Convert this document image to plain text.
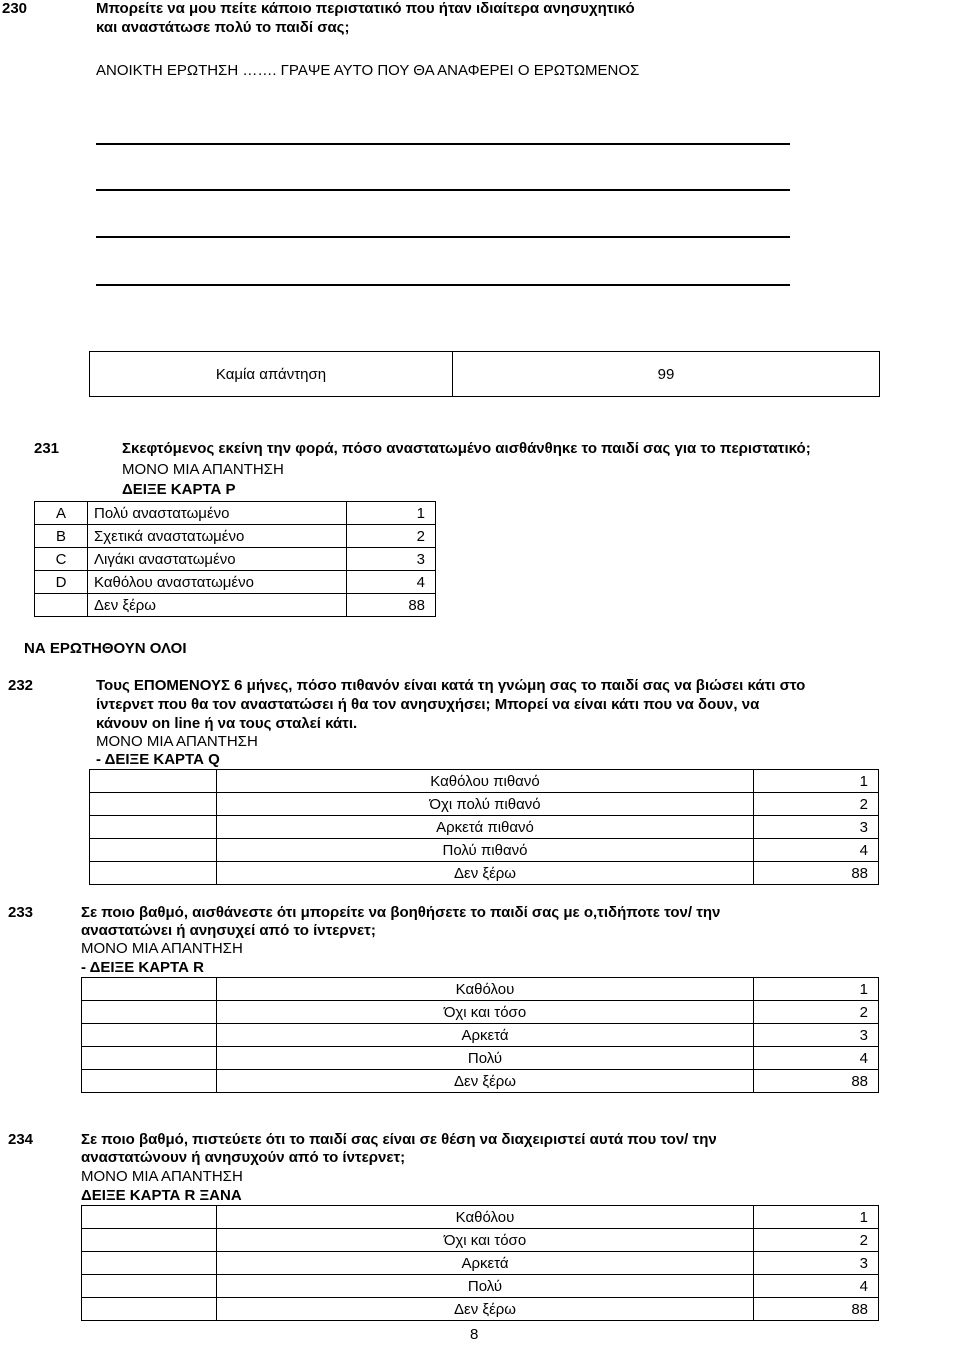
230	Μπορείτε να μου πείτε κάποιο περιστατικό που ήταν ιδιαίτερα ανησυχητικό
και αναστάτωσε πολύ το παιδί σας;
ΑΝΟΙΚΤΗ ΕΡΩΤΗΣΗ ……. ΓΡΑΨΕ ΑΥΤΟ ΠΟΥ ΘΑ ΑΝΑΦΕΡΕΙ Ο ΕΡΩΤΩΜΕΝΟΣ
Καμία απάντηση	99
231	Σκεφτόμενος εκείνη την φορά, πόσο αναστατωμένο αισθάνθηκε το παιδί σας για το περιστατικό;
ΜΟΝΟ ΜΙΑ ΑΠΑΝΤΗΣΗ
ΔΕΙΞΕ ΚΑΡΤΑ P
A	Πολύ αναστατωμένο	1
B	Σχετικά αναστατωμένο	2
C	Λιγάκι αναστατωμένο	3
D	Καθόλου αναστατωμένο	4
	Δεν ξέρω	88
ΝΑ ΕΡΩΤΗΘΟΥΝ ΟΛΟΙ
232	Τους ΕΠΟΜΕΝΟΥΣ 6 μήνες, πόσο πιθανόν είναι κατά τη γνώμη σας το παιδί σας να βιώσει κάτι στο
ίντερνετ που θα τον αναστατώσει ή θα τον ανησυχήσει; Μπορεί να είναι κάτι που να δουν, να
κάνουν on line ή να τους σταλεί κάτι.
ΜΟΝΟ ΜΙΑ ΑΠΑΝΤΗΣΗ
- ΔΕΙΞΕ ΚΑΡΤΑ Q
	Καθόλου πιθανό	1
	Όχι πολύ πιθανό	2
	Αρκετά πιθανό	3
	Πολύ πιθανό	4
	Δεν ξέρω	88
233	Σε ποιο βαθμό, αισθάνεστε ότι μπορείτε να βοηθήσετε το παιδί σας με ο,τιδήποτε τον/ την
αναστατώνει ή ανησυχεί από το ίντερνετ;
ΜΟΝΟ ΜΙΑ ΑΠΑΝΤΗΣΗ
- ΔΕΙΞΕ ΚΑΡΤΑ R
	Καθόλου	1
	Όχι και τόσο	2
	Αρκετά	3
	Πολύ	4
	Δεν ξέρω	88
234	Σε ποιο βαθμό, πιστεύετε ότι το παιδί σας είναι σε θέση να διαχειριστεί αυτά που τον/ την
αναστατώνουν ή ανησυχούν από το ίντερνετ;
ΜΟΝΟ ΜΙΑ ΑΠΑΝΤΗΣΗ
ΔΕΙΞΕ ΚΑΡΤΑ R ΞΑΝΑ
	Καθόλου	1
	Όχι και τόσο	2
	Αρκετά	3
	Πολύ	4
	Δεν ξέρω	88
8
